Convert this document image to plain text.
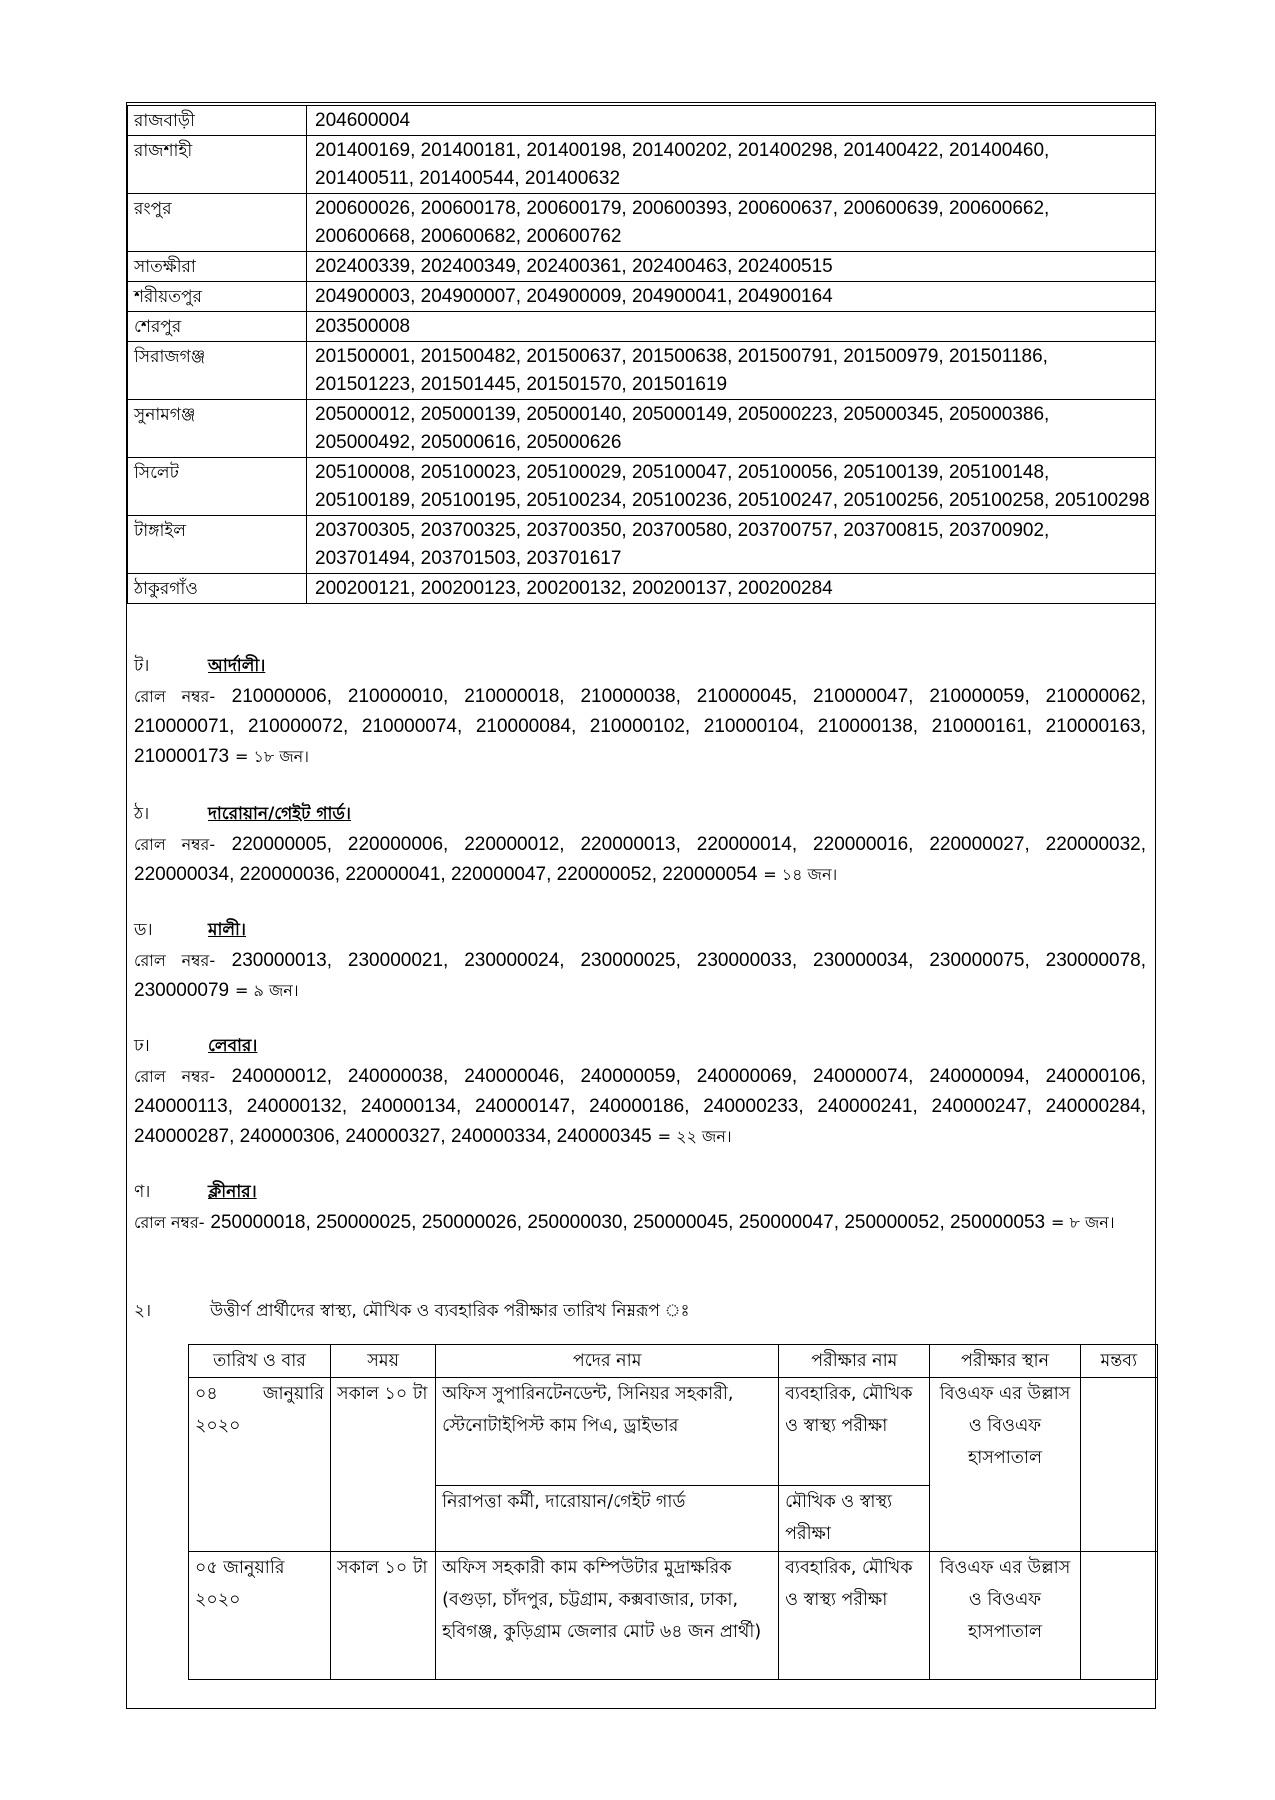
রাজবাড়ী	204600004
রাজশাহী	201400169, 201400181, 201400198, 201400202, 201400298, 201400422, 201400460, 201400511, 201400544, 201400632
রংপুর	200600026, 200600178, 200600179, 200600393, 200600637, 200600639, 200600662, 200600668, 200600682, 200600762
সাতক্ষীরা	202400339, 202400349, 202400361, 202400463, 202400515
শরীয়তপুর	204900003, 204900007, 204900009, 204900041, 204900164
শেরপুর	203500008
সিরাজগঞ্জ	201500001, 201500482, 201500637, 201500638, 201500791, 201500979, 201501186, 201501223, 201501445, 201501570, 201501619
সুনামগঞ্জ	205000012, 205000139, 205000140, 205000149, 205000223, 205000345, 205000386, 205000492, 205000616, 205000626
সিলেট	205100008, 205100023, 205100029, 205100047, 205100056, 205100139, 205100148, 205100189, 205100195, 205100234, 205100236, 205100247, 205100256, 205100258, 205100298
টাঙ্গাইল	203700305, 203700325, 203700350, 203700580, 203700757, 203700815, 203700902, 203701494, 203701503, 203701617
ঠাকুরগাঁও	200200121, 200200123, 200200132, 200200137, 200200284
ট।	আর্দালী।
রোল নম্বর- 210000006, 210000010, 210000018, 210000038, 210000045, 210000047, 210000059, 210000062, 210000071, 210000072, 210000074, 210000084, 210000102, 210000104, 210000138, 210000161, 210000163, 210000173 = ১৮ জন।
ঠ।	দারোয়ান/গেইট গার্ড।
রোল নম্বর- 220000005, 220000006, 220000012, 220000013, 220000014, 220000016, 220000027, 220000032, 220000034, 220000036, 220000041, 220000047, 220000052, 220000054 = ১৪ জন।
ড।	মালী।
রোল নম্বর- 230000013, 230000021, 230000024, 230000025, 230000033, 230000034, 230000075, 230000078, 230000079 = ৯ জন।
ঢ।	লেবার।
রোল নম্বর- 240000012, 240000038, 240000046, 240000059, 240000069, 240000074, 240000094, 240000106, 240000113, 240000132, 240000134, 240000147, 240000186, 240000233, 240000241, 240000247, 240000284, 240000287, 240000306, 240000327, 240000334, 240000345 = ২২ জন।
ণ।	ক্লীনার।
রোল নম্বর- 250000018, 250000025, 250000026, 250000030, 250000045, 250000047, 250000052, 250000053 = ৮ জন।
২।	উত্তীর্ণ প্রার্থীদের স্বাস্থ্য, মৌখিক ও ব্যবহারিক পরীক্ষার তারিখ নিম্নরূপ ঃ
তারিখ ও বার	সময়	পদের নাম	পরীক্ষার নাম	পরীক্ষার স্থান	মন্তব্য
০৪ জানুয়ারি ২০২০	সকাল ১০ টা	অফিস সুপারিনটেনডেন্ট, সিনিয়র সহকারী, স্টেনোটাইপিস্ট কাম পিএ, ড্রাইভার	ব্যবহারিক, মৌখিক ও স্বাস্থ্য পরীক্ষা	বিওএফ এর উল্লাস ও বিওএফ হাসপাতাল	
		নিরাপত্তা কর্মী, দারোয়ান/গেইট গার্ড	মৌখিক ও স্বাস্থ্য পরীক্ষা		
০৫ জানুয়ারি ২০২০	সকাল ১০ টা	অফিস সহকারী কাম কম্পিউটার মুদ্রাক্ষরিক (বগুড়া, চাঁদপুর, চট্টগ্রাম, কক্সবাজার, ঢাকা, হবিগঞ্জ, কুড়িগ্রাম জেলার মোট ৬৪ জন প্রার্থী)	ব্যবহারিক, মৌখিক ও স্বাস্থ্য পরীক্ষা	বিওএফ এর উল্লাস ও বিওএফ হাসপাতাল	
